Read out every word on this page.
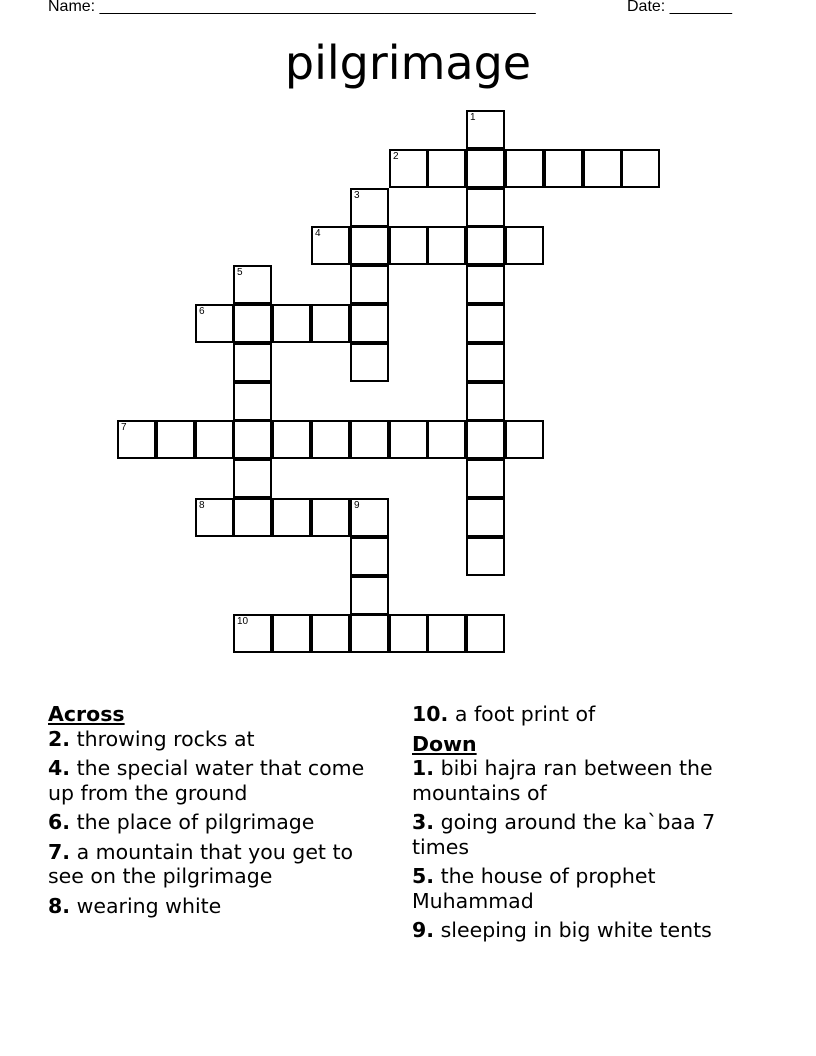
Name: _________________________________________________	Date: _______
pilgrimage
1
2
3
4
5
6
7
8	9
10
Across
2. throwing rocks at
4. the special water that come up from the ground
6. the place of pilgrimage
7. a mountain that you get to see on the pilgrimage
8. wearing white
10. a foot print of
Down
1. bibi hajra ran between the mountains of
3. going around the ka`baa 7 times
5. the house of prophet Muhammad
9. sleeping in big white tents
